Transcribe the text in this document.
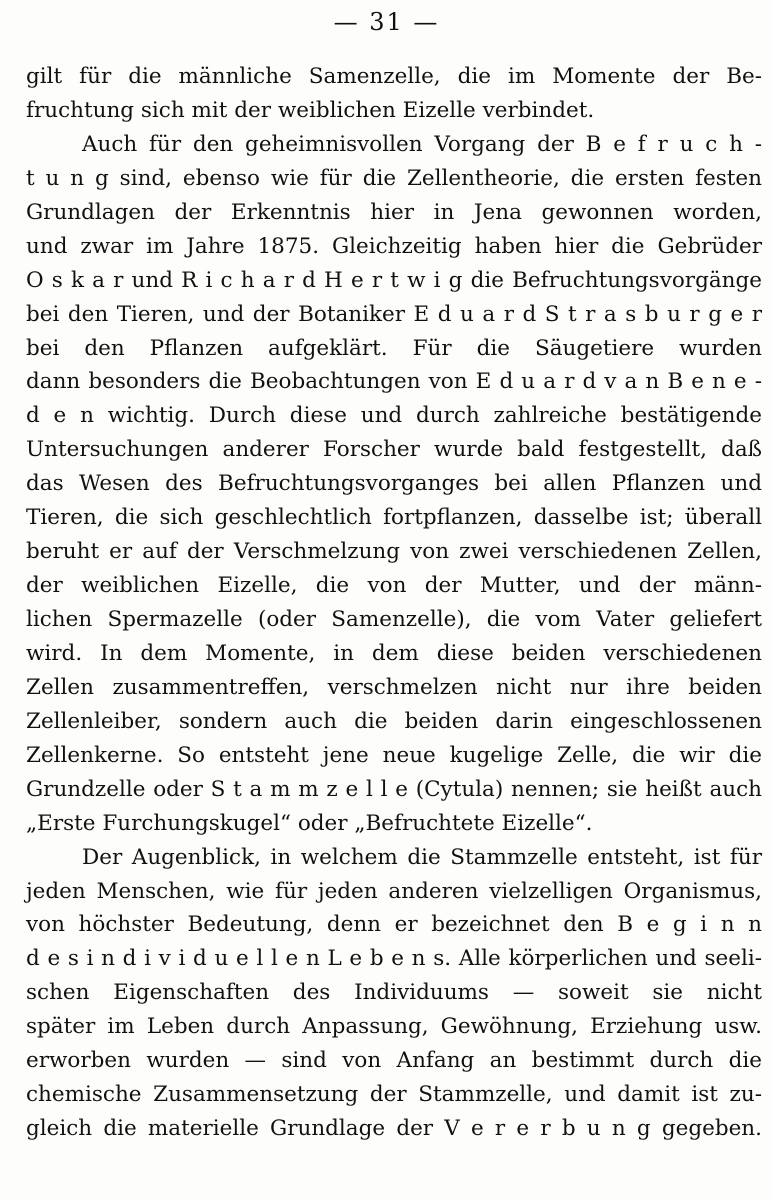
— 31 —
gilt für die männliche Samenzelle, die im Momente der Be-
fruchtung sich mit der weiblichen Eizelle verbindet.
Auch für den geheimnisvollen Vorgang der B e f r u c h -
t u n g sind, ebenso wie für die Zellentheorie, die ersten festen
Grundlagen der Erkenntnis hier in Jena gewonnen worden,
und zwar im Jahre 1875. Gleichzeitig haben hier die Gebrüder
O s k a r und R i c h a r d H e r t w i g die Befruchtungsvorgänge
bei den Tieren, und der Botaniker E d u a r d S t r a s b u r g e r
bei den Pflanzen aufgeklärt. Für die Säugetiere wurden
dann besonders die Beobachtungen von E d u a r d v a n B e n e -
d e n wichtig. Durch diese und durch zahlreiche bestätigende
Untersuchungen anderer Forscher wurde bald festgestellt, daß
das Wesen des Befruchtungsvorganges bei allen Pflanzen und
Tieren, die sich geschlechtlich fortpflanzen, dasselbe ist; überall
beruht er auf der Verschmelzung von zwei verschiedenen Zellen,
der weiblichen Eizelle, die von der Mutter, und der männ-
lichen Spermazelle (oder Samenzelle), die vom Vater geliefert
wird. In dem Momente, in dem diese beiden verschiedenen
Zellen zusammentreffen, verschmelzen nicht nur ihre beiden
Zellenleiber, sondern auch die beiden darin eingeschlossenen
Zellenkerne. So entsteht jene neue kugelige Zelle, die wir die
Grundzelle oder S t a m m z e l l e (Cytula) nennen; sie heißt auch
„Erste Furchungskugel“ oder „Befruchtete Eizelle“.
Der Augenblick, in welchem die Stammzelle entsteht, ist für
jeden Menschen, wie für jeden anderen vielzelligen Organismus,
von höchster Bedeutung, denn er bezeichnet den B e g i n n
d e s i n d i v i d u e l l e n L e b e n s. Alle körperlichen und seeli-
schen Eigenschaften des Individuums — soweit sie nicht
später im Leben durch Anpassung, Gewöhnung, Erziehung usw.
erworben wurden — sind von Anfang an bestimmt durch die
chemische Zusammensetzung der Stammzelle, und damit ist zu-
gleich die materielle Grundlage der V e r e r b u n g gegeben.
